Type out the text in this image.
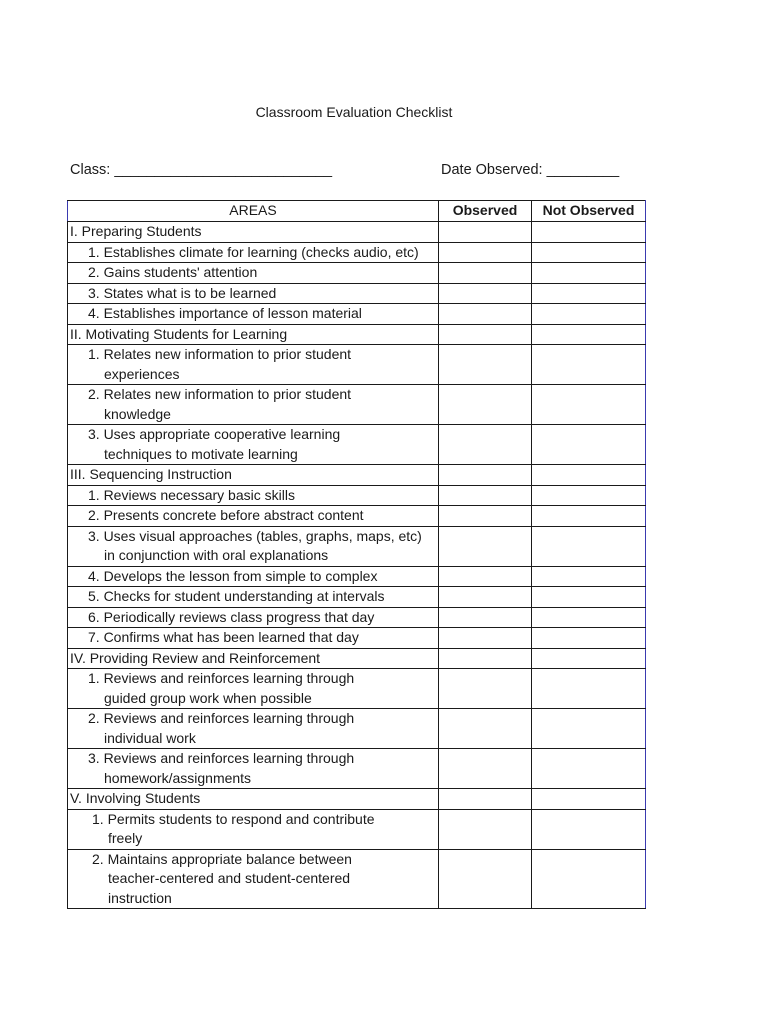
Classroom Evaluation Checklist
Class: ___________________________	Date Observed: _________
AREAS	Observed	Not Observed

I. Preparing Students		

1. Establishes climate for learning (checks audio, etc)		

2. Gains students' attention		

3. States what is to be learned		

4. Establishes importance of lesson material		

II. Motivating Students for Learning		

1. Relates new information to prior student
experiences		

2. Relates new information to prior student
knowledge		

3. Uses appropriate cooperative learning
techniques to motivate learning		

III. Sequencing Instruction		

1. Reviews necessary basic skills		

2. Presents concrete before abstract content		

3. Uses visual approaches (tables, graphs, maps, etc)
in conjunction with oral explanations		

4. Develops the lesson from simple to complex		

5. Checks for student understanding at intervals		

6. Periodically reviews class progress that day		

7. Confirms what has been learned that day		

IV. Providing Review and Reinforcement		

1. Reviews and reinforces learning through
guided group work when possible		

2. Reviews and reinforces learning through
individual work		

3. Reviews and reinforces learning through
homework/assignments		

V. Involving Students		

1. Permits students to respond and contribute
freely		

2. Maintains appropriate balance between
teacher-centered and student-centered
instruction		
